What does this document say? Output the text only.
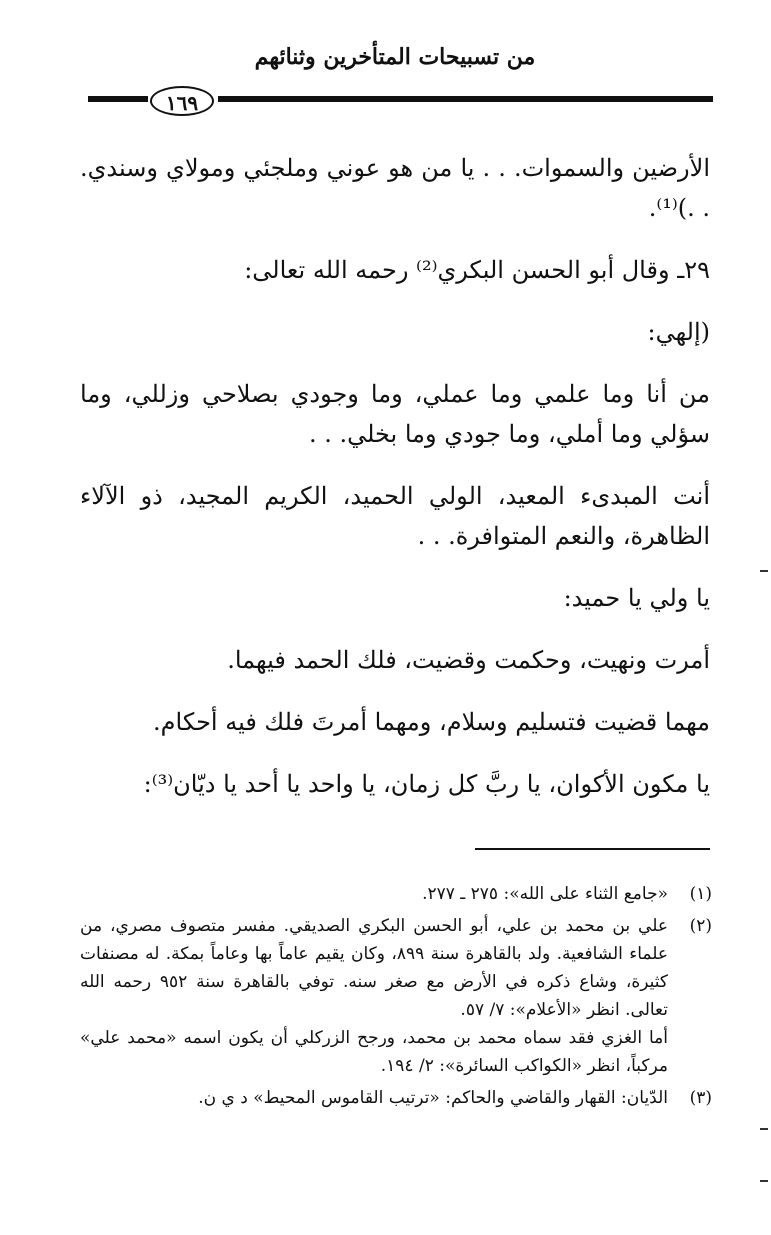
من تسبيحات المتأخرين وثنائهم
١٦٩

الأرضين والسموات. . . يا من هو عوني وملجئي ومولاي وسندي. . .)⁽¹⁾.

٢٩ـ وقال أبو الحسن البكري⁽²⁾ رحمه الله تعالى:

(إلهي:

من أنا وما علمي وما عملي، وما وجودي بصلاحي وزللي، وما سؤلي وما أملي، وما جودي وما بخلي. . .

أنت المبدىء المعيد، الولي الحميد، الكريم المجيد، ذو الآلاء الظاهرة، والنعم المتوافرة. . .

يا ولي يا حميد:

أمرت ونهيت، وحكمت وقضيت، فلك الحمد فيهما.

مهما قضيت فتسليم وسلام، ومهما أمرتَ فلك فيه أحكام.

يا مكون الأكوان، يا ربَّ كل زمان، يا واحد يا أحد يا ديّان⁽³⁾:

(١)
«جامع الثناء على الله»: ٢٧٥ ـ ٢٧٧.
(٢)
علي بن محمد بن علي، أبو الحسن البكري الصديقي. مفسر متصوف مصري، من علماء الشافعية. ولد بالقاهرة سنة ٨٩٩، وكان يقيم عاماً بها وعاماً بمكة. له مصنفات كثيرة، وشاع ذكره في الأرض مع صغر سنه. توفي بالقاهرة سنة ٩٥٢ رحمه الله تعالى. انظر «الأعلام»: ٧/ ٥٧.
أما الغزي فقد سماه محمد بن محمد، ورجح الزركلي أن يكون اسمه «محمد علي» مركباً، انظر «الكواكب السائرة»: ٢/ ١٩٤.
(٣)
الدّيان: القهار والقاضي والحاكم: «ترتيب القاموس المحيط» د ي ن.
